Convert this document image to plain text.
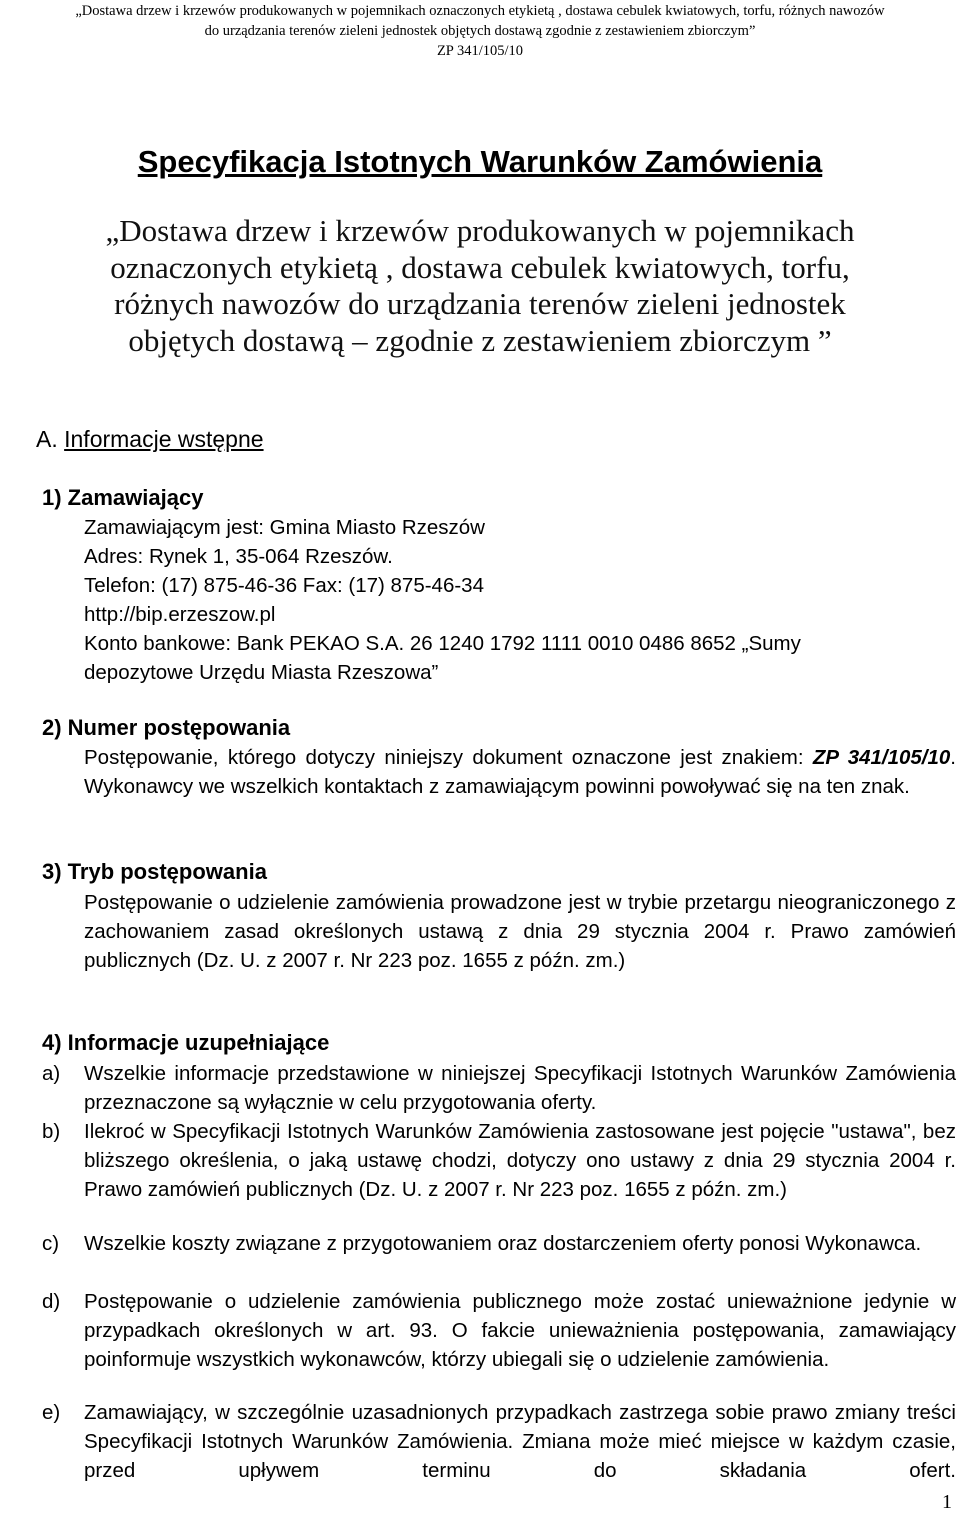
„Dostawa drzew i krzewów produkowanych w pojemnikach oznaczonych etykietą , dostawa cebulek kwiatowych, torfu, różnych nawozów
do urządzania terenów zieleni jednostek objętych dostawą zgodnie z zestawieniem zbiorczym”
ZP 341/105/10
Specyfikacja Istotnych Warunków Zamówienia
„Dostawa drzew i krzewów produkowanych w pojemnikach
oznaczonych etykietą , dostawa cebulek kwiatowych, torfu,
różnych nawozów do urządzania terenów zieleni jednostek
objętych dostawą – zgodnie z zestawieniem zbiorczym ”
A. Informacje wstępne
1) Zamawiający
Zamawiającym jest: Gmina Miasto Rzeszów
Adres: Rynek 1, 35-064 Rzeszów.
Telefon: (17) 875-46-36 Fax: (17) 875-46-34
http://bip.erzeszow.pl
Konto bankowe: Bank PEKAO S.A. 26 1240 1792 1111 0010 0486 8652 „Sumy
depozytowe Urzędu Miasta Rzeszowa”
2) Numer postępowania
Postępowanie, którego dotyczy niniejszy dokument oznaczone jest znakiem: ZP 341/105/10. Wykonawcy we wszelkich kontaktach z zamawiającym powinni powoływać się na ten znak.
3) Tryb postępowania
Postępowanie o udzielenie zamówienia prowadzone jest w trybie przetargu nieograniczonego z zachowaniem zasad określonych ustawą z dnia 29 stycznia 2004 r. Prawo zamówień publicznych (Dz. U. z 2007 r. Nr 223 poz. 1655 z późn. zm.)
4) Informacje uzupełniające
a)	Wszelkie informacje przedstawione w niniejszej Specyfikacji Istotnych Warunków Zamówienia przeznaczone są wyłącznie w celu przygotowania oferty.
b)	Ilekroć w Specyfikacji Istotnych Warunków Zamówienia zastosowane jest pojęcie "ustawa", bez bliższego określenia, o jaką ustawę chodzi, dotyczy ono ustawy z dnia 29 stycznia 2004 r. Prawo zamówień publicznych (Dz. U. z 2007 r. Nr 223 poz. 1655 z późn. zm.)
c)	Wszelkie koszty związane z przygotowaniem oraz dostarczeniem oferty ponosi Wykonawca.
d)	Postępowanie o udzielenie zamówienia publicznego może zostać unieważnione jedynie w przypadkach określonych w art. 93. O fakcie unieważnienia postępowania, zamawiający poinformuje wszystkich wykonawców, którzy ubiegali się o udzielenie zamówienia.
e)	Zamawiający, w szczególnie uzasadnionych przypadkach zastrzega sobie prawo zmiany treści Specyfikacji Istotnych Warunków Zamówienia. Zmiana może mieć miejsce w każdym czasie, przed upływem terminu do składania ofert.
1
